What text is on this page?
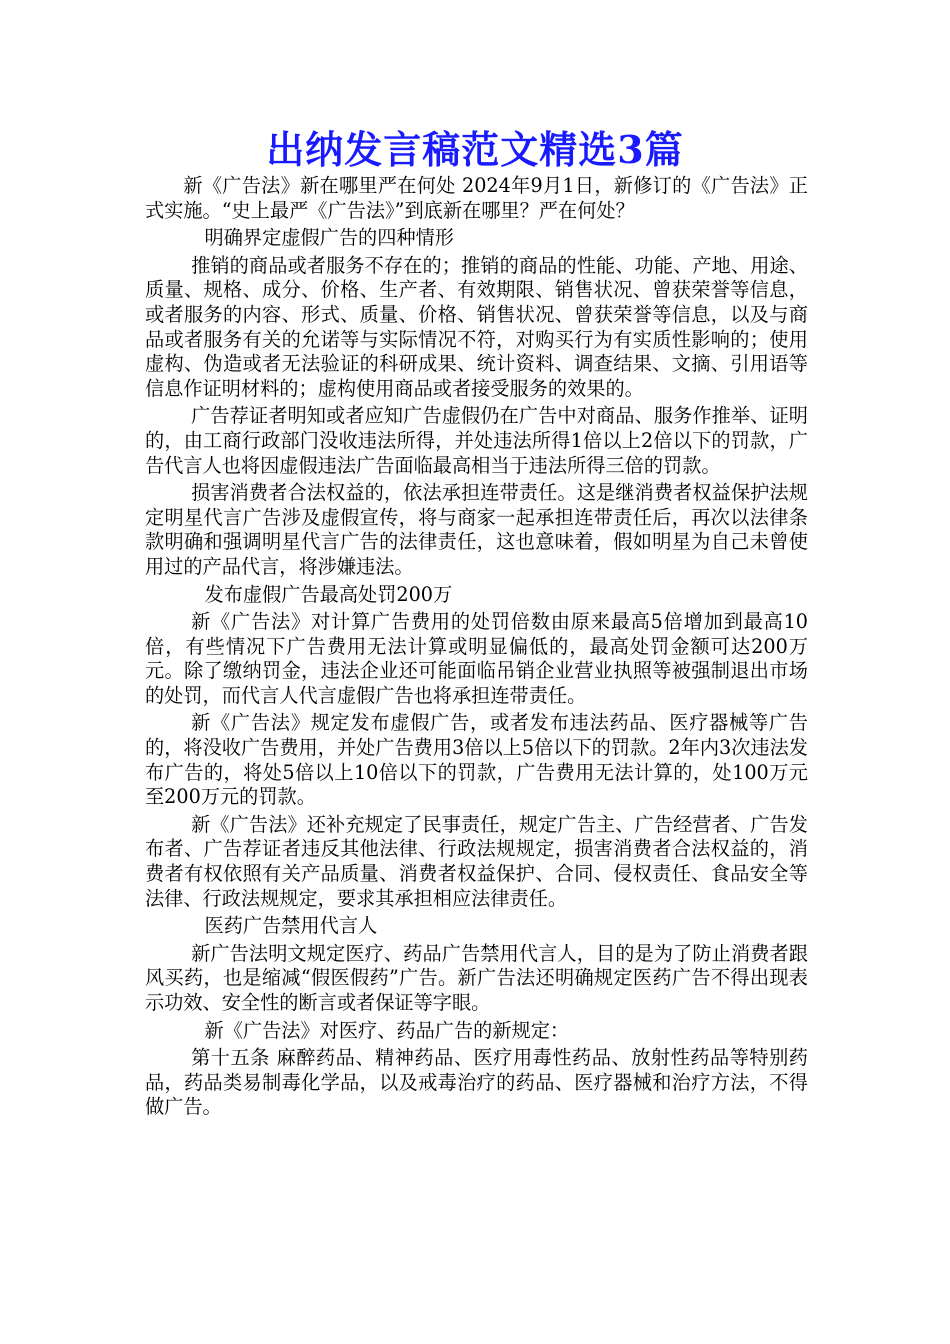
出纳发言稿范文精选3篇

新《广告法》新在哪里严在何处 2024年9月1日，新修订的《广告法》正式实施。“史上最严《广告法》”到底新在哪里？严在何处？

明确界定虚假广告的四种情形

推销的商品或者服务不存在的；推销的商品的性能、功能、产地、用途、质量、规格、成分、价格、生产者、有效期限、销售状况、曾获荣誉等信息，或者服务的内容、形式、质量、价格、销售状况、曾获荣誉等信息，以及与商品或者服务有关的允诺等与实际情况不符，对购买行为有实质性影响的；使用虚构、伪造或者无法验证的科研成果、统计资料、调查结果、文摘、引用语等信息作证明材料的；虚构使用商品或者接受服务的效果的。

广告荐证者明知或者应知广告虚假仍在广告中对商品、服务作推举、证明的，由工商行政部门没收违法所得，并处违法所得1倍以上2倍以下的罚款，广告代言人也将因虚假违法广告面临最高相当于违法所得三倍的罚款。

损害消费者合法权益的，依法承担连带责任。这是继消费者权益保护法规定明星代言广告涉及虚假宣传，将与商家一起承担连带责任后，再次以法律条款明确和强调明星代言广告的法律责任，这也意味着，假如明星为自己未曾使用过的产品代言，将涉嫌违法。

发布虚假广告最高处罚200万

新《广告法》对计算广告费用的处罚倍数由原来最高5倍增加到最高10倍，有些情况下广告费用无法计算或明显偏低的，最高处罚金额可达200万元。除了缴纳罚金，违法企业还可能面临吊销企业营业执照等被强制退出市场的处罚，而代言人代言虚假广告也将承担连带责任。

新《广告法》规定发布虚假广告，或者发布违法药品、医疗器械等广告的，将没收广告费用，并处广告费用3倍以上5倍以下的罚款。2年内3次违法发布广告的，将处5倍以上10倍以下的罚款，广告费用无法计算的，处100万元至200万元的罚款。

新《广告法》还补充规定了民事责任，规定广告主、广告经营者、广告发布者、广告荐证者违反其他法律、行政法规规定，损害消费者合法权益的，消费者有权依照有关产品质量、消费者权益保护、合同、侵权责任、食品安全等法律、行政法规规定，要求其承担相应法律责任。

医药广告禁用代言人

新广告法明文规定医疗、药品广告禁用代言人，目的是为了防止消费者跟风买药，也是缩减“假医假药”广告。新广告法还明确规定医药广告不得出现表示功效、安全性的断言或者保证等字眼。

新《广告法》对医疗、药品广告的新规定：

第十五条 麻醉药品、精神药品、医疗用毒性药品、放射性药品等特别药品，药品类易制毒化学品，以及戒毒治疗的药品、医疗器械和治疗方法，不得做广告。
